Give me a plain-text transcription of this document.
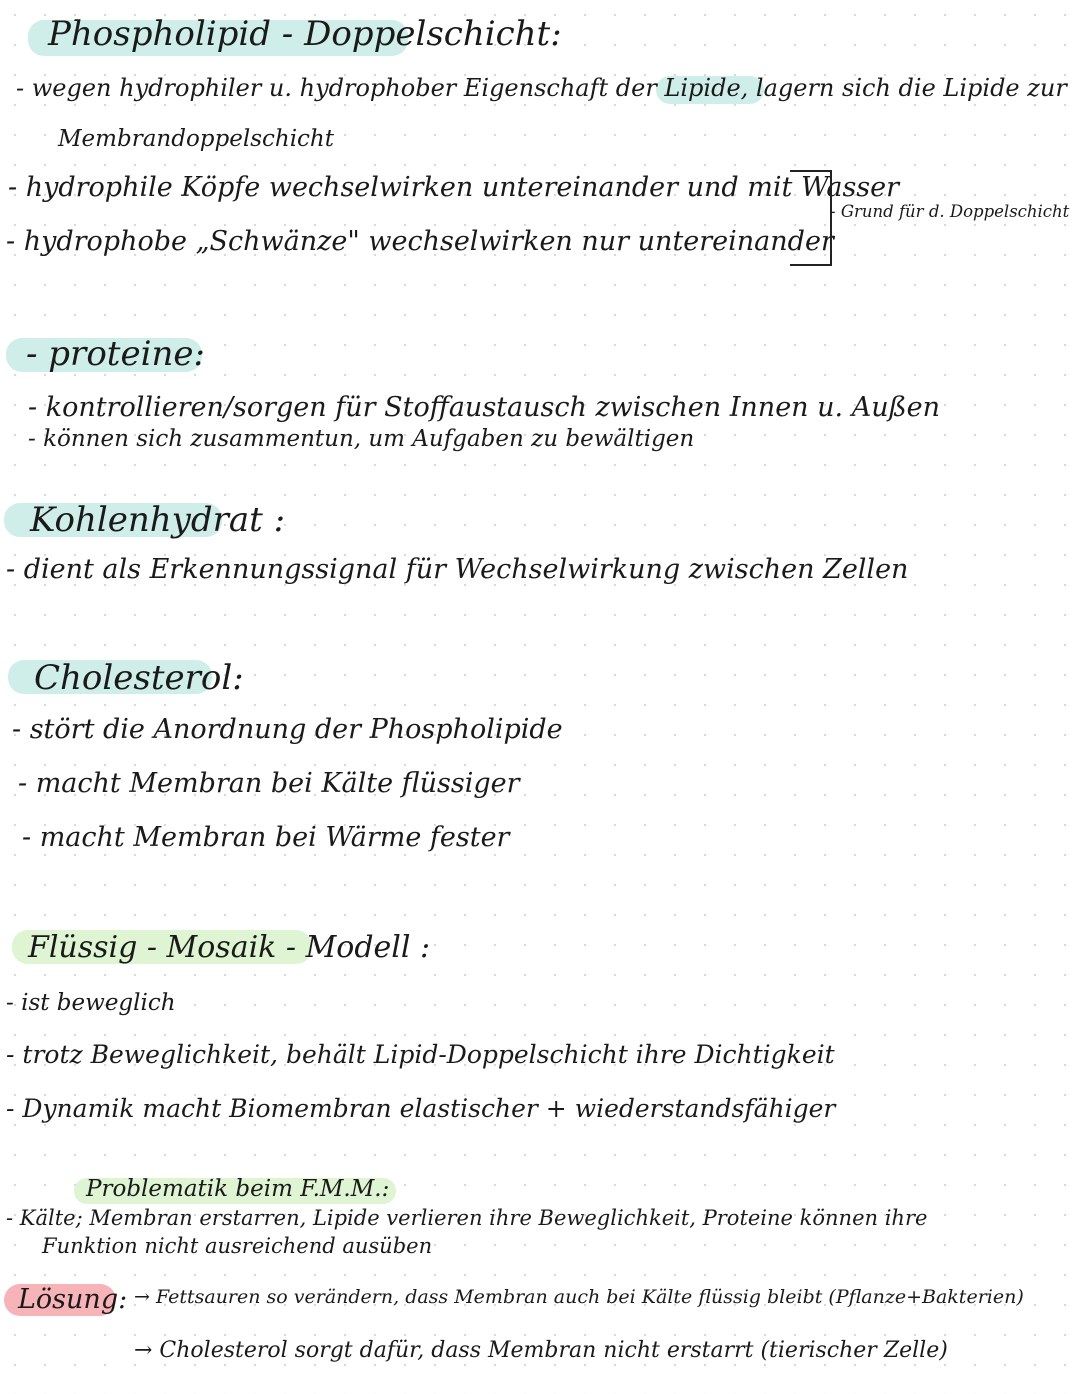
Phospholipid - Doppelschicht:
- wegen hydrophiler u. hydrophober Eigenschaft der Lipide, lagern sich die Lipide zur
Membrandoppelschicht
- hydrophile Köpfe wechselwirken untereinander und mit Wasser
- hydrophobe „Schwänze" wechselwirken nur untereinander
- Grund für d. Doppelschicht
- proteine:
- kontrollieren/sorgen für Stoffaustausch zwischen Innen u. Außen
- können sich zusammentun, um Aufgaben zu bewältigen
Kohlenhydrat :
- dient als Erkennungssignal für Wechselwirkung zwischen Zellen
Cholesterol:
- stört die Anordnung der Phospholipide
- macht Membran bei Kälte flüssiger
- macht Membran bei Wärme fester
Flüssig - Mosaik - Modell :
- ist beweglich
- trotz Beweglichkeit, behält Lipid-Doppelschicht ihre Dichtigkeit
- Dynamik macht Biomembran elastischer + wiederstandsfähiger
Problematik beim F.M.M.:
- Kälte; Membran erstarren, Lipide verlieren ihre Beweglichkeit, Proteine können ihre
Funktion nicht ausreichend ausüben
Lösung: → Fettsauren so verändern, dass Membran auch bei Kälte flüssig bleibt (Pflanze+Bakterien)
→ Cholesterol sorgt dafür, dass Membran nicht erstarrt (tierischer Zelle)
